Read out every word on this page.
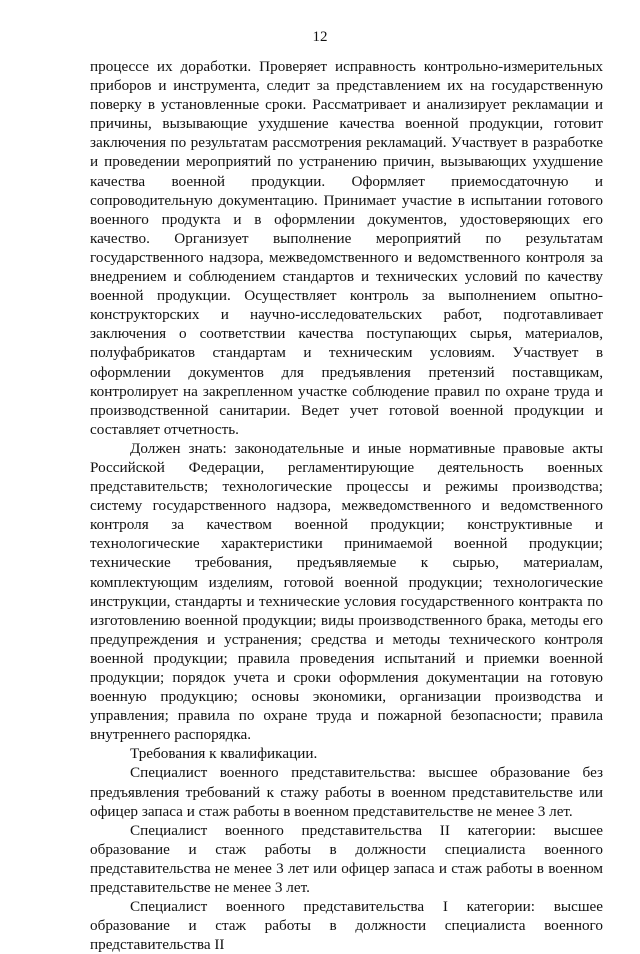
12

процессе их доработки. Проверяет исправность контрольно-измерительных приборов и инструмента, следит за представлением их на государственную поверку в установленные сроки. Рассматривает и анализирует рекламации и причины, вызывающие ухудшение качества военной продукции, готовит заключения по результатам рассмотрения рекламаций. Участвует в разработке и проведении мероприятий по устранению причин, вызывающих ухудшение качества военной продукции. Оформляет приемосдаточную и сопроводительную документацию. Принимает участие в испытании готового военного продукта и в оформлении документов, удостоверяющих его качество. Организует выполнение мероприятий по результатам государственного надзора, межведомственного и ведомственного контроля за внедрением и соблюдением стандартов и технических условий по качеству военной продукции. Осуществляет контроль за выполнением опытно-конструкторских и научно-исследовательских работ, подготавливает заключения о соответствии качества поступающих сырья, материалов, полуфабрикатов стандартам и техническим условиям. Участвует в оформлении документов для предъявления претензий поставщикам, контролирует на закрепленном участке соблюдение правил по охране труда и производственной санитарии. Ведет учет готовой военной продукции и составляет отчетность.

Должен знать: законодательные и иные нормативные правовые акты Российской Федерации, регламентирующие деятельность военных представительств; технологические процессы и режимы производства; систему государственного надзора, межведомственного и ведомственного контроля за качеством военной продукции; конструктивные и технологические характеристики принимаемой военной продукции; технические требования, предъявляемые к сырью, материалам, комплектующим изделиям, готовой военной продукции; технологические инструкции, стандарты и технические условия государственного контракта по изготовлению военной продукции; виды производственного брака, методы его предупреждения и устранения; средства и методы технического контроля военной продукции; правила проведения испытаний и приемки военной продукции; порядок учета и сроки оформления документации на готовую военную продукцию; основы экономики, организации производства и управления; правила по охране труда и пожарной безопасности; правила внутреннего распорядка.

Требования к квалификации.

Специалист военного представительства: высшее образование без предъявления требований к стажу работы в военном представительстве или офицер запаса и стаж работы в военном представительстве не менее 3 лет.

Специалист военного представительства II категории: высшее образование и стаж работы в должности специалиста военного представительства не менее 3 лет или офицер запаса и стаж работы в военном представительстве не менее 3 лет.

Специалист военного представительства I категории: высшее образование и стаж работы в должности специалиста военного представительства II
